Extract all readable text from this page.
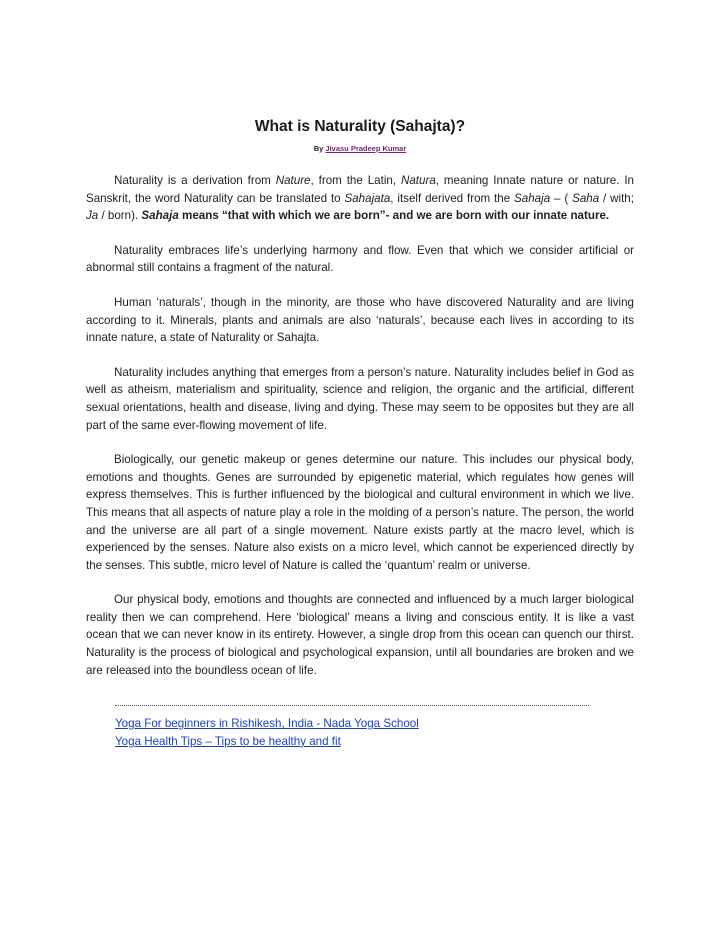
What is Naturality (Sahajta)?
By Jivasu Pradeep Kumar

Naturality is a derivation from Nature, from the Latin, Natura, meaning Innate nature or nature. In Sanskrit, the word Naturality can be translated to Sahajata, itself derived from the Sahaja – ( Saha / with; Ja / born). Sahaja means “that with which we are born”- and we are born with our innate nature.

Naturality embraces life’s underlying harmony and flow. Even that which we consider artificial or abnormal still contains a fragment of the natural.

Human ‘naturals’, though in the minority, are those who have discovered Naturality and are living according to it. Minerals, plants and animals are also ‘naturals’, because each lives in according to its innate nature, a state of Naturality or Sahajta.

Naturality includes anything that emerges from a person’s nature. Naturality includes belief in God as well as atheism, materialism and spirituality, science and religion, the organic and the artificial, different sexual orientations, health and disease, living and dying. These may seem to be opposites but they are all part of the same ever-flowing movement of life.

Biologically, our genetic makeup or genes determine our nature. This includes our physical body, emotions and thoughts. Genes are surrounded by epigenetic material, which regulates how genes will express themselves. This is further influenced by the biological and cultural environment in which we live. This means that all aspects of nature play a role in the molding of a person’s nature. The person, the world and the universe are all part of a single movement. Nature exists partly at the macro level, which is experienced by the senses. Nature also exists on a micro level, which cannot be experienced directly by the senses. This subtle, micro level of Nature is called the ‘quantum’ realm or universe.

Our physical body, emotions and thoughts are connected and influenced by a much larger biological reality then we can comprehend. Here ‘biological’ means a living and conscious entity. It is like a vast ocean that we can never know in its entirety. However, a single drop from this ocean can quench our thirst. Naturality is the process of biological and psychological expansion, until all boundaries are broken and we are released into the boundless ocean of life.

Yoga For beginners in Rishikesh, India - Nada Yoga School
Yoga Health Tips – Tips to be healthy and fit
